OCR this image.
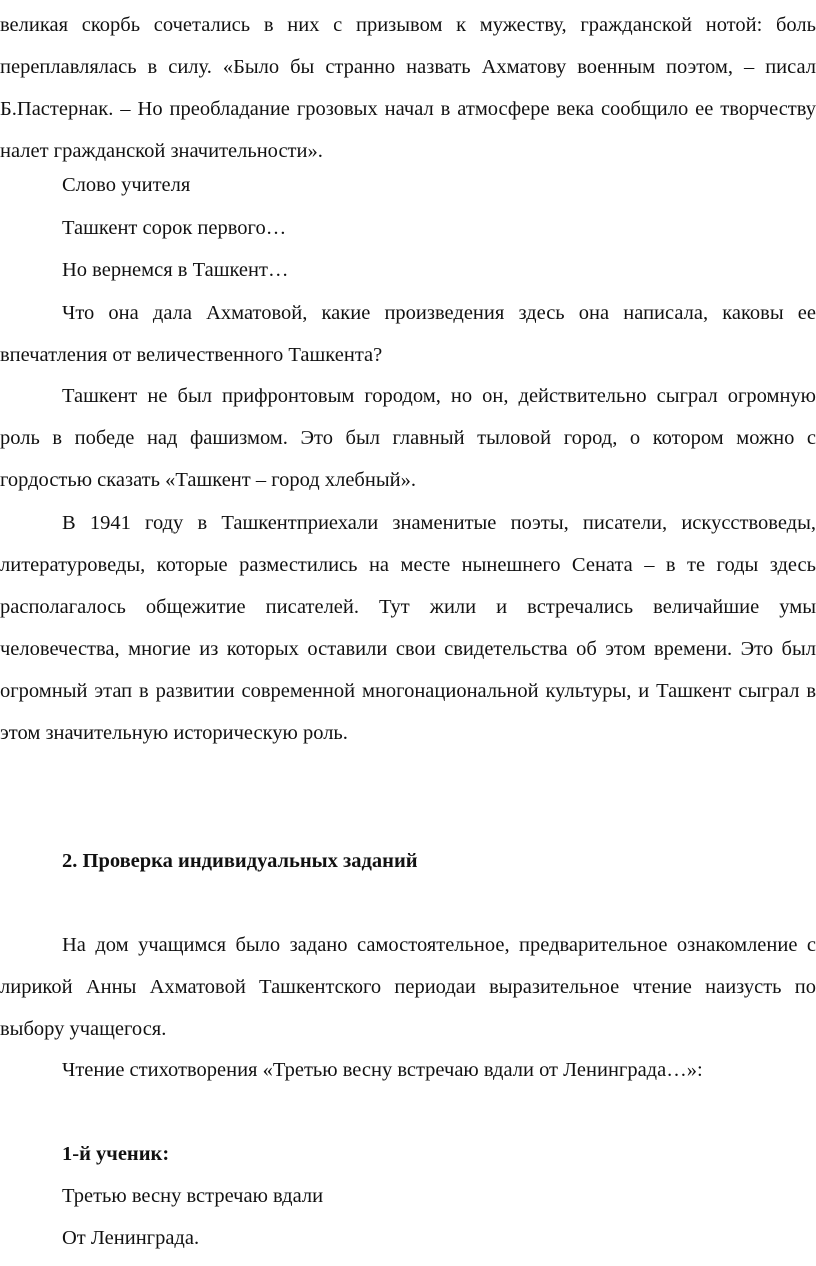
великая скорбь сочетались в них с призывом к мужеству, гражданской нотой: боль переплавлялась в силу. «Было бы странно назвать Ахматову военным поэтом, – писал Б.Пастернак. – Но преобладание грозовых начал в атмосфере века сообщило ее творчеству налет гражданской значительности».

Слово учителя

Ташкент сорок первого…

Но вернемся в Ташкент…

Что она дала Ахматовой, какие произведения здесь она написала, каковы ее впечатления от величественного Ташкента?

Ташкент не был прифронтовым городом, но он, действительно сыграл огромную роль в победе над фашизмом. Это был главный тыловой город, о котором можно с гордостью сказать «Ташкент – город хлебный».

В 1941 году в Ташкентприехали знаменитые поэты, писатели, искусствоведы, литературоведы, которые разместились на месте нынешнего Сената – в те годы здесь располагалось общежитие писателей. Тут жили и встречались величайшие умы человечества, многие из которых оставили свои свидетельства об этом времени. Это был огромный этап в развитии современной многонациональной культуры, и Ташкент сыграл в этом значительную историческую роль.

2. Проверка индивидуальных заданий

На дом учащимся было задано самостоятельное, предварительное ознакомление с лирикой Анны Ахматовой Ташкентского периодаи выразительное чтение наизусть по выбору учащегося.

Чтение стихотворения «Третью весну встречаю вдали от Ленинграда…»:

1-й ученик:

Третью весну встречаю вдали

От Ленинграда.
